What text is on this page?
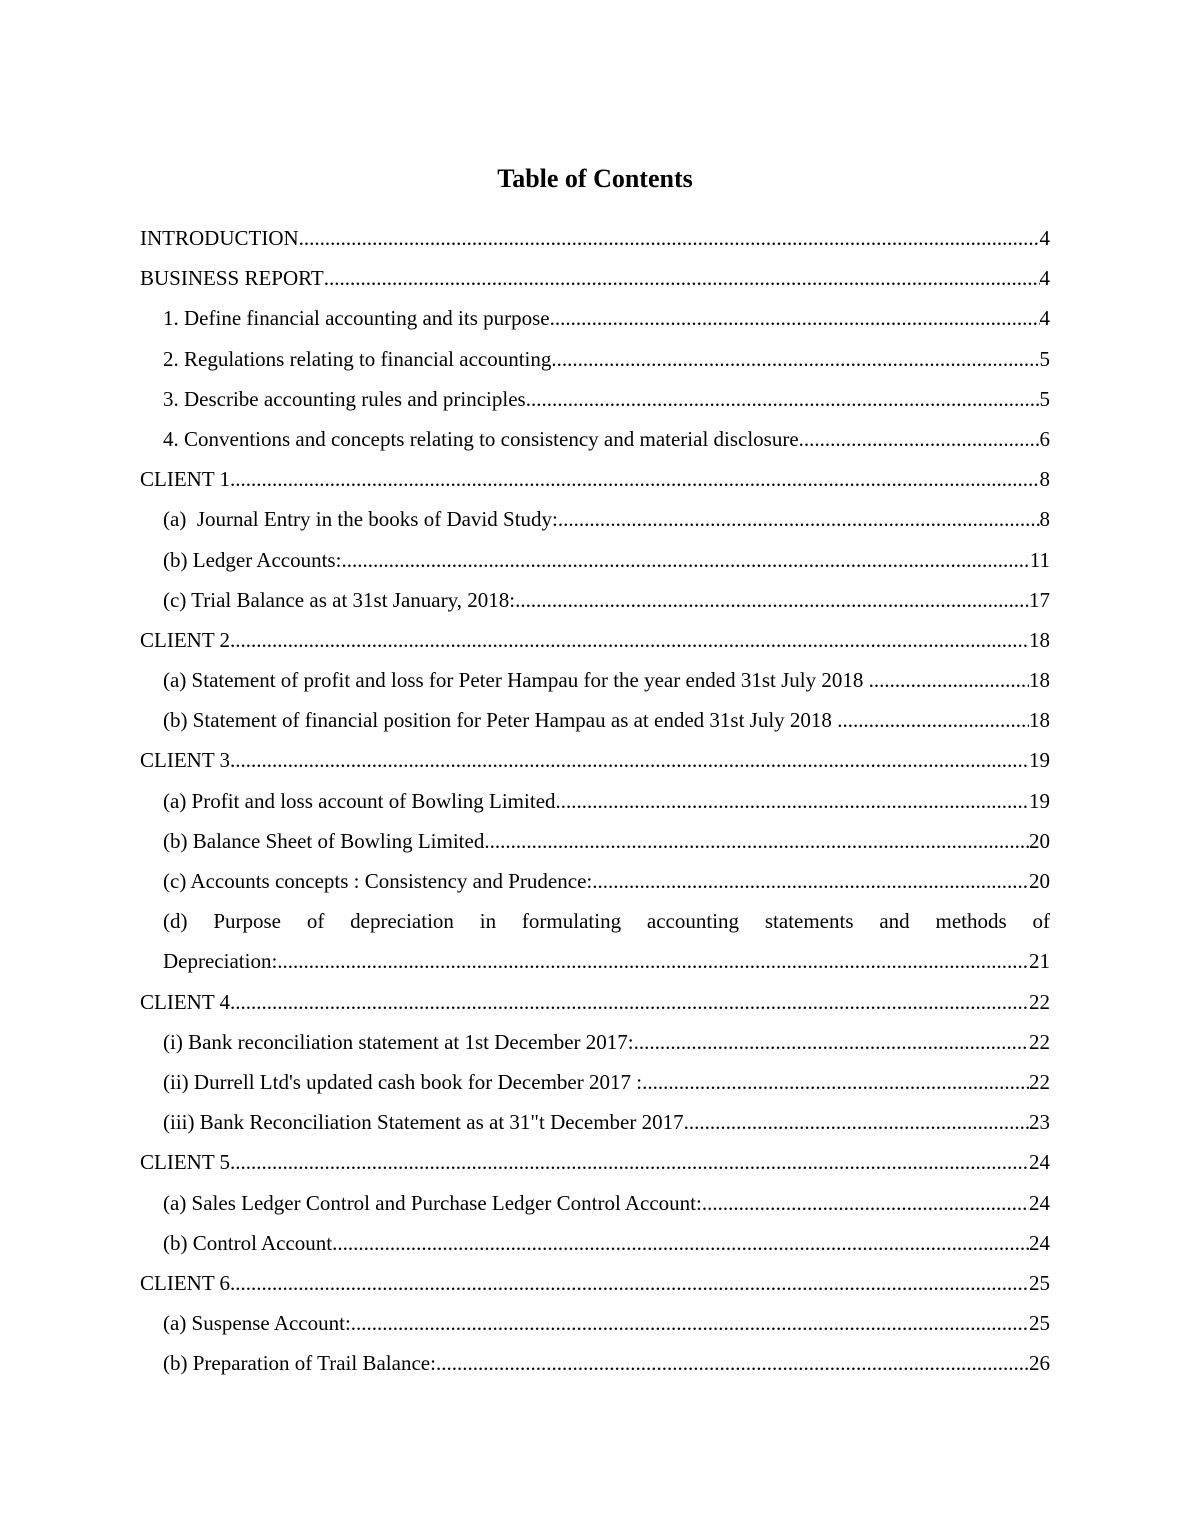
Table of Contents
INTRODUCTION .....	4
BUSINESS REPORT .....	4
1. Define financial accounting and its purpose .....	4
2. Regulations relating to financial accounting .....	5
3. Describe accounting rules and principles .....	5
4. Conventions and concepts relating to consistency and material disclosure .....	6
CLIENT 1 .....	8
(a)  Journal Entry in the books of David Study: .....	8
(b) Ledger Accounts: .....	11
(c) Trial Balance as at 31st January, 2018: .....	17
CLIENT 2 .....	18
(a) Statement of profit and loss for Peter Hampau for the year ended 31st July 2018 .....	18
(b) Statement of financial position for Peter Hampau as at ended 31st July 2018 .....	18
CLIENT 3 .....	19
(a) Profit and loss account of Bowling Limited .....	19
(b) Balance Sheet of Bowling Limited .....	20
(c) Accounts concepts : Consistency and Prudence: .....	20
(d) Purpose of depreciation in formulating accounting statements and methods of
Depreciation: .....	21
CLIENT 4 .....	22
(i) Bank reconciliation statement at 1st December 2017: .....	22
(ii) Durrell Ltd's updated cash book for December 2017 : .....	22
(iii) Bank Reconciliation Statement as at 31"t December 2017 .....	23
CLIENT 5 .....	24
(a) Sales Ledger Control and Purchase Ledger Control Account: .....	24
(b) Control Account .....	24
CLIENT 6 .....	25
(a) Suspense Account: .....	25
(b) Preparation of Trail Balance: .....	26
